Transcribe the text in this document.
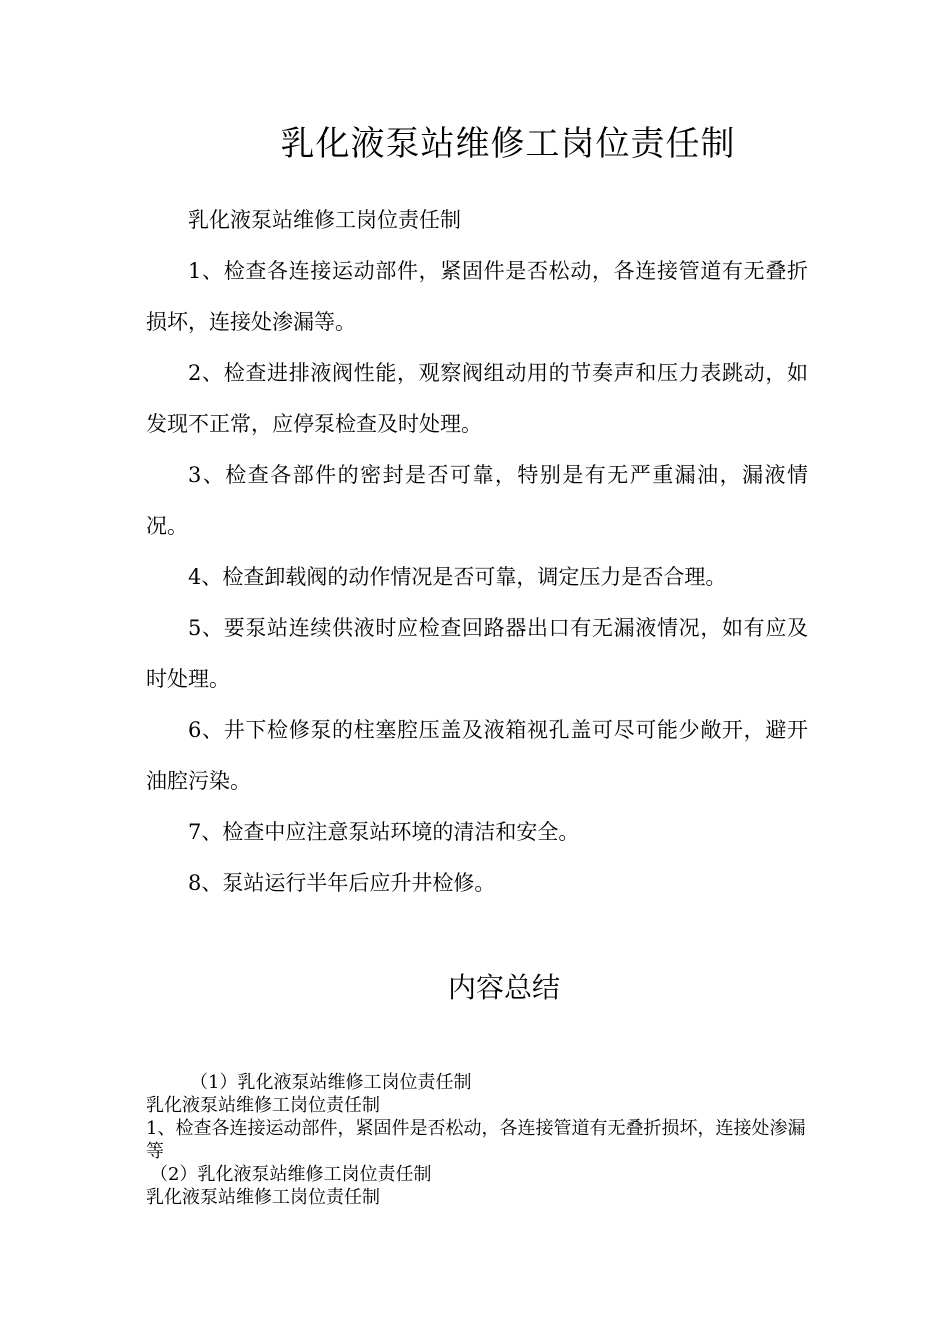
乳化液泵站维修工岗位责任制

乳化液泵站维修工岗位责任制

1、检查各连接运动部件，紧固件是否松动，各连接管道有无叠折损坏，连接处渗漏等。

2、检查进排液阀性能，观察阀组动用的节奏声和压力表跳动，如发现不正常，应停泵检查及时处理。

3、检查各部件的密封是否可靠，特别是有无严重漏油，漏液情况。

4、检查卸载阀的动作情况是否可靠，调定压力是否合理。

5、要泵站连续供液时应检查回路器出口有无漏液情况，如有应及时处理。

6、井下检修泵的柱塞腔压盖及液箱视孔盖可尽可能少敞开，避开油腔污染。

7、检查中应注意泵站环境的清洁和安全。

8、泵站运行半年后应升井检修。

内容总结
（1）乳化液泵站维修工岗位责任制
乳化液泵站维修工岗位责任制
1、检查各连接运动部件，紧固件是否松动，各连接管道有无叠折损坏，连接处渗漏等
（2）乳化液泵站维修工岗位责任制
乳化液泵站维修工岗位责任制
